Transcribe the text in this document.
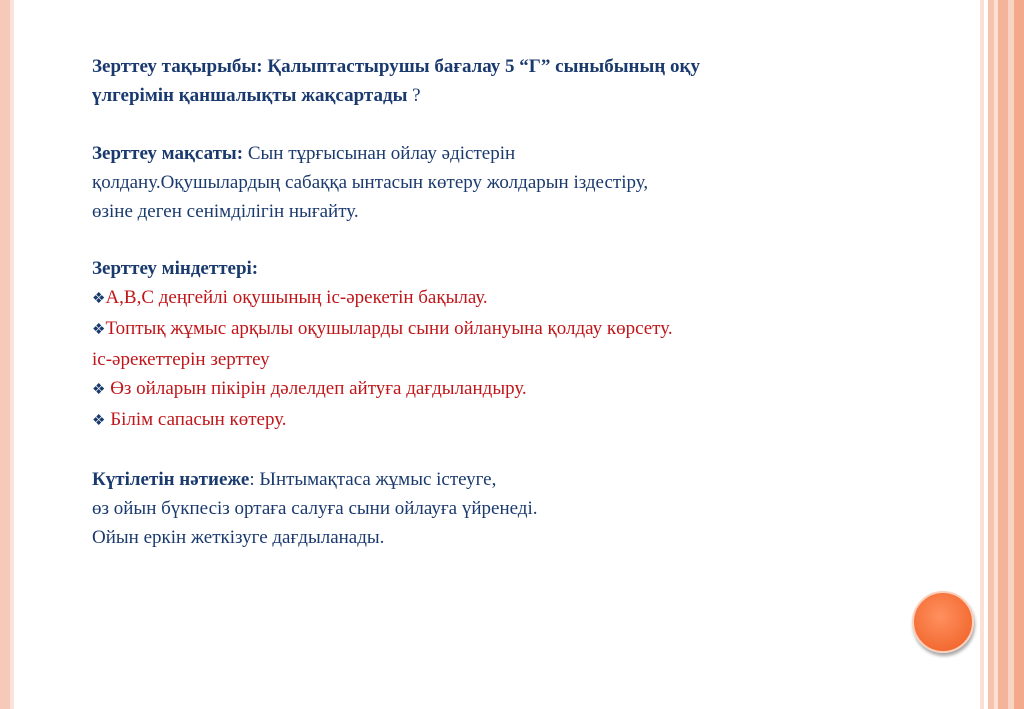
Зерттеу тақырыбы: Қалыптастырушы бағалау 5 “Г” сыныбының оқу

үлгерімін қаншалықты жақсартады ?

Зерттеу мақсаты: Сын тұрғысынан ойлау әдістерін

қолдану.Оқушылардың сабаққа ынтасын көтеру жолдарын іздестіру,

өзіне деген сенімділігін нығайту.

Зерттеу міндеттері:

❖А,В,С деңгейлі оқушының іс-әрекетін бақылау.

❖Топтық жұмыс арқылы оқушыларды сыни ойлануына қолдау көрсету.

іс-әрекеттерін зерттеу

❖ Өз ойларын пікірін дәлелдеп айтуға дағдыландыру.

❖ Білім сапасын көтеру.

Күтілетін нәтиеже: Ынтымақтаса жұмыс істеуге,

өз ойын бүкпесіз ортаға салуға сыни ойлауға үйренеді.

Ойын еркін жеткізуге дағдыланады.
